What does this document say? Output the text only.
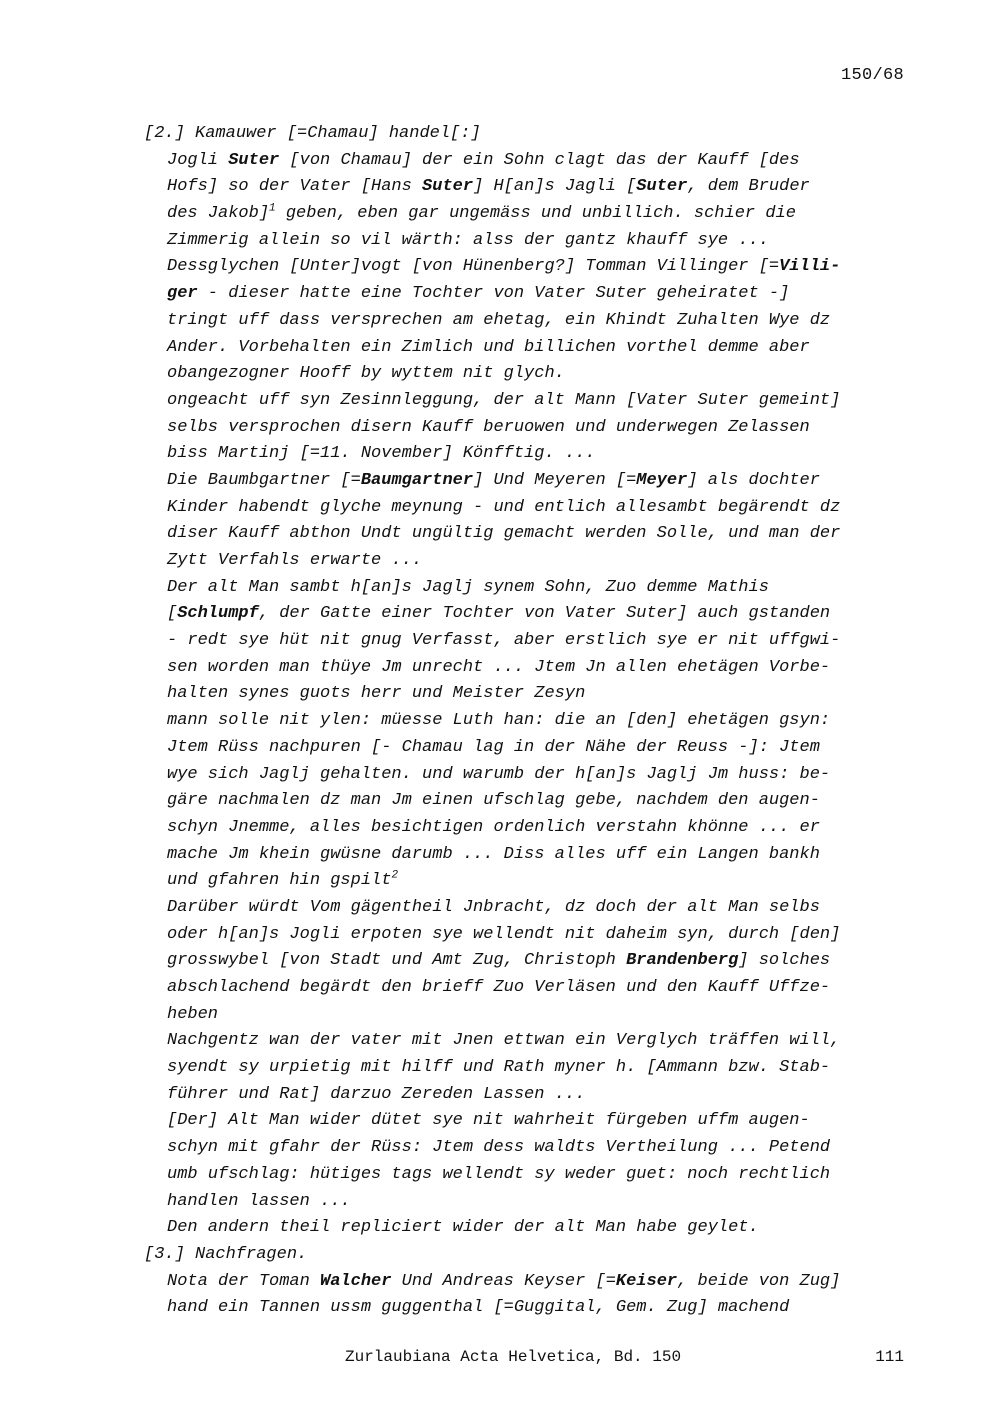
150/68
[2.] Kamauwer [=Chamau] handel[:]
Jogli Suter [von Chamau] der ein Sohn clagt das der Kauff [des
Hofs] so der Vater [Hans Suter] H[an]s Jagli [Suter, dem Bruder
des Jakob]$^1$ geben, eben gar ungemäss und unbillich. schier die
Zimmerig allein so vil wärth: alss der gantz khauff sye ...
Dessglychen [Unter]vogt [von Hünenberg?] Tomman Villinger [=Villi-
ger - dieser hatte eine Tochter von Vater Suter geheiratet -]
tringt uff dass versprechen am ehetag, ein Khindt Zuhalten Wye dz
Ander. Vorbehalten ein Zimlich und billichen vorthel demme aber
obangezogner Hooff by wyttem nit glych.
ongeacht uff syn Zesinnleggung, der alt Mann [Vater Suter gemeint]
selbs versprochen disern Kauff beruowen und underwegen Zelassen
biss Martinj [=11. November] Könfftig. ...
Die Baumbgartner [=Baumgartner] Und Meyeren [=Meyer] als dochter
Kinder habendt glyche meynung - und entlich allesambt begärendt dz
diser Kauff abthon Undt ungültig gemacht werden Solle, und man der
Zytt Verfahls erwarte ...
Der alt Man sambt h[an]s Jaglj synem Sohn, Zuo demme Mathis
[Schlumpf, der Gatte einer Tochter von Vater Suter] auch gstanden
- redt sye hüt nit gnug Verfasst, aber erstlich sye er nit uffgwi-
sen worden man thüye Jm unrecht ... Jtem Jn allen ehetägen Vorbe-
halten synes guots herr und Meister Zesyn
mann solle nit ylen: müesse Luth han: die an [den] ehetägen gsyn:
Jtem Rüss nachpuren [- Chamau lag in der Nähe der Reuss -]: Jtem
wye sich Jaglj gehalten. und warumb der h[an]s Jaglj Jm huss: be-
gäre nachmalen dz man Jm einen ufschlag gebe, nachdem den augen-
schyn Jnemme, alles besichtigen ordenlich verstahn khönne ... er
mache Jm khein gwüsne darumb ... Diss alles uff ein Langen bankh
und gfahren hin gspilt$^2$
Darüber würdt Vom gägentheil Jnbracht, dz doch der alt Man selbs
oder h[an]s Jogli erpoten sye wellendt nit daheim syn, durch [den]
grosswybel [von Stadt und Amt Zug, Christoph Brandenberg] solches
abschlachend begärdt den brieff Zuo Verläsen und den Kauff Uffze-
heben
Nachgentz wan der vater mit Jnen ettwan ein Verglych träffen will,
syendt sy urpietig mit hilff und Rath myner h. [Ammann bzw. Stab-
führer und Rat] darzuo Zereden Lassen ...
[Der] Alt Man wider dütet sye nit wahrheit fürgeben uffm augen-
schyn mit gfahr der Rüss: Jtem dess waldts Vertheilung ... Petend
umb ufschlag: hütiges tags wellendt sy weder guet: noch rechtlich
handlen lassen ...
Den andern theil repliciert wider der alt Man habe geylet.
[3.] Nachfragen.
Nota der Toman Walcher Und Andreas Keyser [=Keiser, beide von Zug]
hand ein Tannen ussm guggenthal [=Guggital, Gem. Zug] machend
Zurlaubiana Acta Helvetica, Bd. 150	111
